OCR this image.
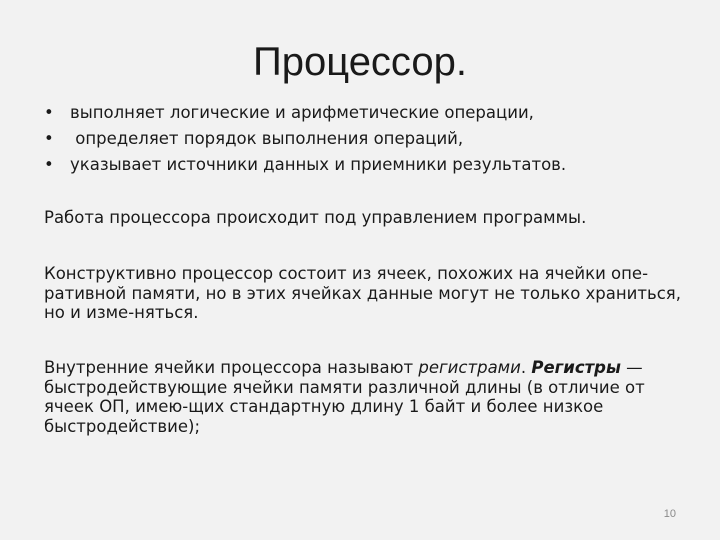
Процессор.
• выполняет логические и арифметические операции,
• определяет порядок выполнения операций,
• указывает источники данных и приемники результатов.

Работа процессора происходит под управлением программы.

Конструктивно процессор состоит из ячеек, похожих на ячейки опе-ративной памяти, но в этих ячейках данные могут не только храниться, но и изме-няться.

Внутренние ячейки процессора называют регистрами. Регистры — быстродействующие ячейки памяти различной длины (в отличие от ячеек ОП, имею-щих стандартную длину 1 байт и более низкое быстродействие);

10
